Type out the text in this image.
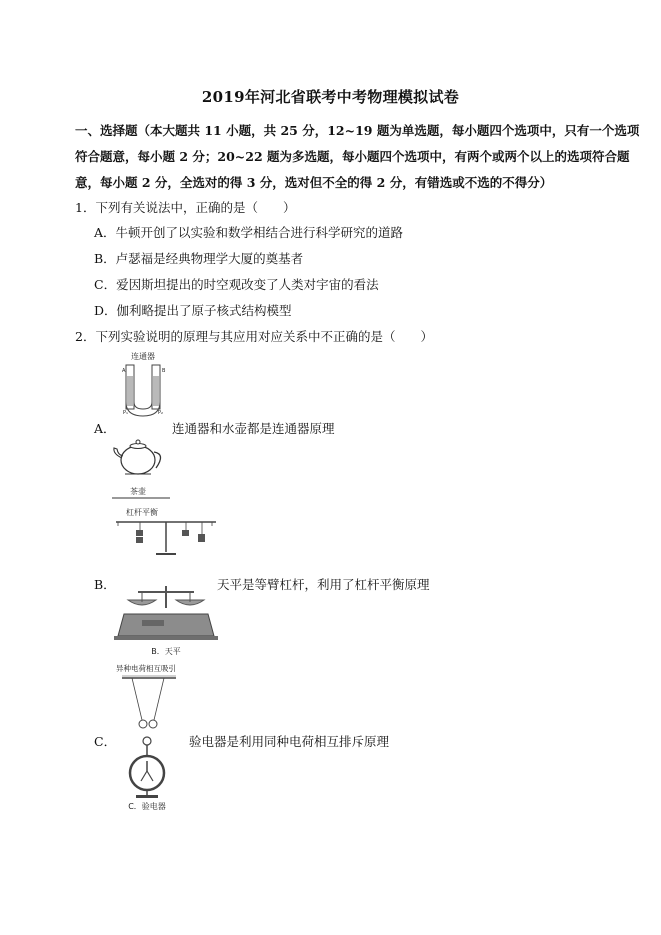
2019年河北省联考中考物理模拟试卷
一、选择题（本大题共 11 小题，共 25 分，12~19 题为单选题，每小题四个选项中，只有一个选项
符合题意，每小题 2 分；20~22 题为多选题，每小题四个选项中，有两个或两个以上的选项符合题
意，每小题 2 分，全选对的得 3 分，选对但不全的得 2 分，有错选或不选的不得分）
1．下列有关说法中，正确的是（　　）
A．牛顿开创了以实验和数学相结合进行科学研究的道路
B．卢瑟福是经典物理学大厦的奠基者
C．爱因斯坦提出的时空观改变了人类对宇宙的看法
D．伽利略提出了原子核式结构模型
2．下列实验说明的原理与其应用对应关系中不正确的是（　　）
A．	连通器和水壶都是连通器原理
连通器
A	B
P₁	P₂
茶壶
B．	天平是等臂杠杆，利用了杠杆平衡原理
杠杆平衡
B．天平
C．	验电器是利用同种电荷相互排斥原理
异种电荷相互吸引
C．验电器
